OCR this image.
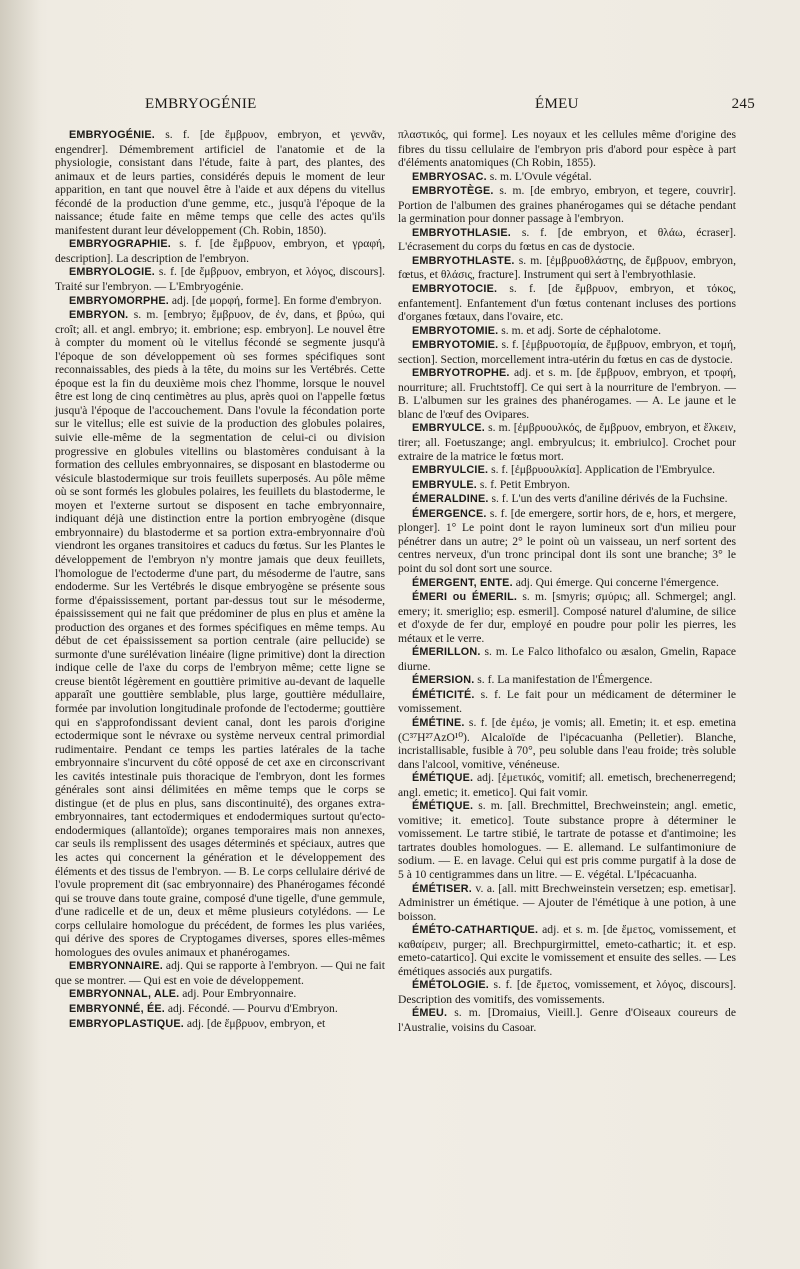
EMBRYOGÉNIE	ÉMEU	245

EMBRYOGÉNIE. s. f. [de ἔμβρυον, embryon, et γεννᾶν, engendrer]. Démembrement artificiel de l'anatomie et de la physiologie, consistant dans l'étude, faite à part, des plantes, des animaux et de leurs parties, considérés depuis le moment de leur apparition, en tant que nouvel être à l'aide et aux dépens du vitellus fécondé de la production d'une gemme, etc., jusqu'à l'époque de la naissance; étude faite en même temps que celle des actes qu'ils manifestent durant leur développement (Ch. Robin, 1850).

EMBRYOGRAPHIE. s. f. [de ἔμβρυον, embryon, et γραφή, description]. La description de l'embryon.

EMBRYOLOGIE. s. f. [de ἔμβρυον, embryon, et λόγος, discours]. Traité sur l'embryon. — L'Embryogénie.

EMBRYOMORPHE. adj. [de μορφή, forme]. En forme d'embryon.

EMBRYON. s. m. [embryo; ἔμβρυον, de ἐν, dans, et βρύω, qui croît; all. et angl. embryo; it. embrione; esp. embryon]. Le nouvel être à compter du moment où le vitellus fécondé se segmente jusqu'à l'époque de son développement où ses formes spécifiques sont reconnaissables, des pieds à la tête, du moins sur les Vertébrés. Cette époque est la fin du deuxième mois chez l'homme, lorsque le nouvel être est long de cinq centimètres au plus, après quoi on l'appelle fœtus jusqu'à l'époque de l'accouchement. Dans l'ovule la fécondation porte sur le vitellus; elle est suivie de la production des globules polaires, suivie elle-même de la segmentation de celui-ci ou division progressive en globules vitellins ou blastomères conduisant à la formation des cellules embryonnaires, se disposant en blastoderme ou vésicule blastodermique sur trois feuillets superposés. Au pôle même où se sont formés les globules polaires, les feuillets du blastoderme, le moyen et l'externe surtout se disposent en tache embryonnaire, indiquant déjà une distinction entre la portion embryogène (disque embryonnaire) du blastoderme et sa portion extra-embryonnaire d'où viendront les organes transitoires et caducs du fœtus. Sur les Plantes le développement de l'embryon n'y montre jamais que deux feuillets, l'homologue de l'ectoderme d'une part, du mésoderme de l'autre, sans endoderme. Sur les Vertébrés le disque embryogène se présente sous forme d'épaississement, portant par-dessus tout sur le mésoderme, épaississement qui ne fait que prédominer de plus en plus et amène la production des organes et des formes spécifiques en même temps. Au début de cet épaississement sa portion centrale (aire pellucide) se surmonte d'une surélévation linéaire (ligne primitive) dont la direction indique celle de l'axe du corps de l'embryon même; cette ligne se creuse bientôt légèrement en gouttière primitive au-devant de laquelle apparaît une gouttière semblable, plus large, gouttière médullaire, formée par involution longitudinale profonde de l'ectoderme; gouttière qui en s'approfondissant devient canal, dont les parois d'origine ectodermique sont le névraxe ou système nerveux central primordial rudimentaire. Pendant ce temps les parties latérales de la tache embryonnaire s'incurvent du côté opposé de cet axe en circonscrivant les cavités intestinale puis thoracique de l'embryon, dont les formes générales sont ainsi délimitées en même temps que le corps se distingue (et de plus en plus, sans discontinuité), des organes extra-embryonnaires, tant ectodermiques et endodermiques surtout qu'ecto-endodermiques (allantoïde); organes temporaires mais non annexes, car seuls ils remplissent des usages déterminés et spéciaux, autres que les actes qui concernent la génération et le développement des éléments et des tissus de l'embryon. — B. Le corps cellulaire dérivé de l'ovule proprement dit (sac embryonnaire) des Phanérogames fécondé qui se trouve dans toute graine, composé d'une tigelle, d'une gemmule, d'une radicelle et de un, deux et même plusieurs cotylédons. — Le corps cellulaire homologue du précédent, de formes les plus variées, qui dérive des spores de Cryptogames diverses, spores elles-mêmes homologues des ovules animaux et phanérogames.

EMBRYONNAIRE. adj. Qui se rapporte à l'embryon. — Qui ne fait que se montrer. — Qui est en voie de développement.

EMBRYONNAL, ALE. adj. Pour Embryonnaire.

EMBRYONNÉ, ÉE. adj. Fécondé. — Pourvu d'Embryon.

EMBRYOPLASTIQUE. adj. [de ἔμβρυον, embryon, et

πλαστικός, qui forme]. Les noyaux et les cellules même d'origine des fibres du tissu cellulaire de l'embryon pris d'abord pour espèce à part d'éléments anatomiques (Ch Robin, 1855).

EMBRYOSAC. s. m. L'Ovule végétal.

EMBRYOTÈGE. s. m. [de embryo, embryon, et tegere, couvrir]. Portion de l'albumen des graines phanérogames qui se détache pendant la germination pour donner passage à l'embryon.

EMBRYOTHLASIE. s. f. [de embryon, et θλάω, écraser]. L'écrasement du corps du fœtus en cas de dystocie.

EMBRYOTHLASTE. s. m. [ἐμβρυοθλάστης, de ἔμβρυον, embryon, fœtus, et θλάσις, fracture]. Instrument qui sert à l'embryothlasie.

EMBRYOTOCIE. s. f. [de ἔμβρυον, embryon, et τόκος, enfantement]. Enfantement d'un fœtus contenant incluses des portions d'organes fœtaux, dans l'ovaire, etc.

EMBRYOTOMIE. s. m. et adj. Sorte de céphalotome.

EMBRYOTOMIE. s. f. [ἐμβρυοτομία, de ἔμβρυον, embryon, et τομή, section]. Section, morcellement intra-utérin du fœtus en cas de dystocie.

EMBRYOTROPHE. adj. et s. m. [de ἔμβρυον, embryon, et τροφή, nourriture; all. Fruchtstoff]. Ce qui sert à la nourriture de l'embryon. — B. L'albumen sur les graines des phanérogames. — A. Le jaune et le blanc de l'œuf des Ovipares.

EMBRYULCE. s. m. [ἐμβρυουλκός, de ἔμβρυον, embryon, et ἕλκειν, tirer; all. Foetuszange; angl. embryulcus; it. embriulco]. Crochet pour extraire de la matrice le fœtus mort.

EMBRYULCIE. s. f. [ἐμβρυουλκία]. Application de l'Embryulce.

EMBRYULE. s. f. Petit Embryon.

ÉMERALDINE. s. f. L'un des verts d'aniline dérivés de la Fuchsine.

ÉMERGENCE. s. f. [de emergere, sortir hors, de e, hors, et mergere, plonger]. 1° Le point dont le rayon lumineux sort d'un milieu pour pénétrer dans un autre; 2° le point où un vaisseau, un nerf sortent des centres nerveux, d'un tronc principal dont ils sont une branche; 3° le point du sol dont sort une source.

ÉMERGENT, ENTE. adj. Qui émerge. Qui concerne l'émergence.

ÉMERI ou ÉMERIL. s. m. [smyris; σμύρις; all. Schmergel; angl. emery; it. smeriglio; esp. esmeril]. Composé naturel d'alumine, de silice et d'oxyde de fer dur, employé en poudre pour polir les pierres, les métaux et le verre.

ÉMERILLON. s. m. Le Falco lithofalco ou æsalon, Gmelin, Rapace diurne.

ÉMERSION. s. f. La manifestation de l'Émergence.

ÉMÉTICITÉ. s. f. Le fait pour un médicament de déterminer le vomissement.

ÉMÉTINE. s. f. [de ἐμέω, je vomis; all. Emetin; it. et esp. emetina (C³⁷H²⁷AzO¹⁰). Alcaloïde de l'ipécacuanha (Pelletier). Blanche, incristallisable, fusible à 70°, peu soluble dans l'eau froide; très soluble dans l'alcool, vomitive, vénéneuse.

ÉMÉTIQUE. adj. [ἐμετικός, vomitif; all. emetisch, brechenerregend; angl. emetic; it. emetico]. Qui fait vomir.

ÉMÉTIQUE. s. m. [all. Brechmittel, Brechweinstein; angl. emetic, vomitive; it. emetico]. Toute substance propre à déterminer le vomissement. Le tartre stibié, le tartrate de potasse et d'antimoine; les tartrates doubles homologues. — E. allemand. Le sulfantimoniure de sodium. — E. en lavage. Celui qui est pris comme purgatif à la dose de 5 à 10 centigrammes dans un litre. — E. végétal. L'Ipécacuanha.

ÉMÉTISER. v. a. [all. mitt Brechweinstein versetzen; esp. emetisar]. Administrer un émétique. — Ajouter de l'émétique à une potion, à une boisson.

ÉMÉTO-CATHARTIQUE. adj. et s. m. [de ἔμετος, vomissement, et καθαίρειν, purger; all. Brechpurgirmittel, emeto-cathartic; it. et esp. emeto-catartico]. Qui excite le vomissement et ensuite des selles. — Les émétiques associés aux purgatifs.

ÉMÉTOLOGIE. s. f. [de ἔμετος, vomissement, et λόγος, discours]. Description des vomitifs, des vomissements.

ÉMEU. s. m. [Dromaius, Vieill.]. Genre d'Oiseaux coureurs de l'Australie, voisins du Casoar.
